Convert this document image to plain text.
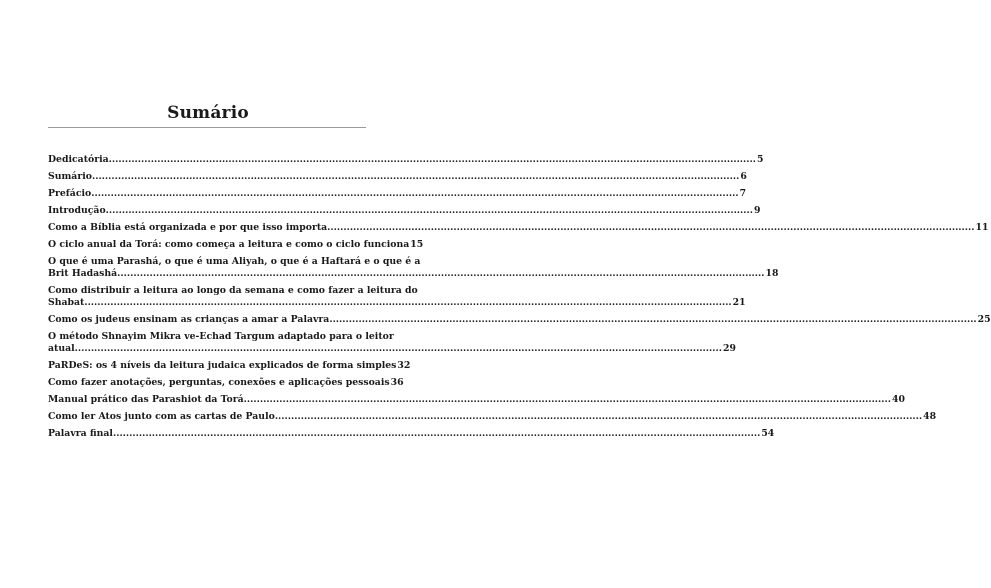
Sumário
Dedicatória ........................................................................................................................................................................................................ 5
Sumário ........................................................................................................................................................................................................ 6
Prefácio ........................................................................................................................................................................................................ 7
Introdução ........................................................................................................................................................................................................ 9
Como a Bíblia está organizada e por que isso importa ........................................................................................................................................................................................................ 11
O ciclo anual da Torá: como começa a leitura e como o ciclo funciona 15
O que é uma Parashá, o que é uma Aliyah, o que é a Haftará e o que é a
Brit Hadashá ........................................................................................................................................................................................................ 18
Como distribuir a leitura ao longo da semana e como fazer a leitura do
Shabat ........................................................................................................................................................................................................ 21
Como os judeus ensinam as crianças a amar a Palavra ........................................................................................................................................................................................................ 25
O método Shnayim Mikra ve-Echad Targum adaptado para o leitor
atual ........................................................................................................................................................................................................ 29
PaRDeS: os 4 níveis da leitura judaica explicados de forma simples 32
Como fazer anotações, perguntas, conexões e aplicações pessoais 36
Manual prático das Parashiot da Torá ........................................................................................................................................................................................................ 40
Como ler Atos junto com as cartas de Paulo ........................................................................................................................................................................................................ 48
Palavra final ........................................................................................................................................................................................................ 54
